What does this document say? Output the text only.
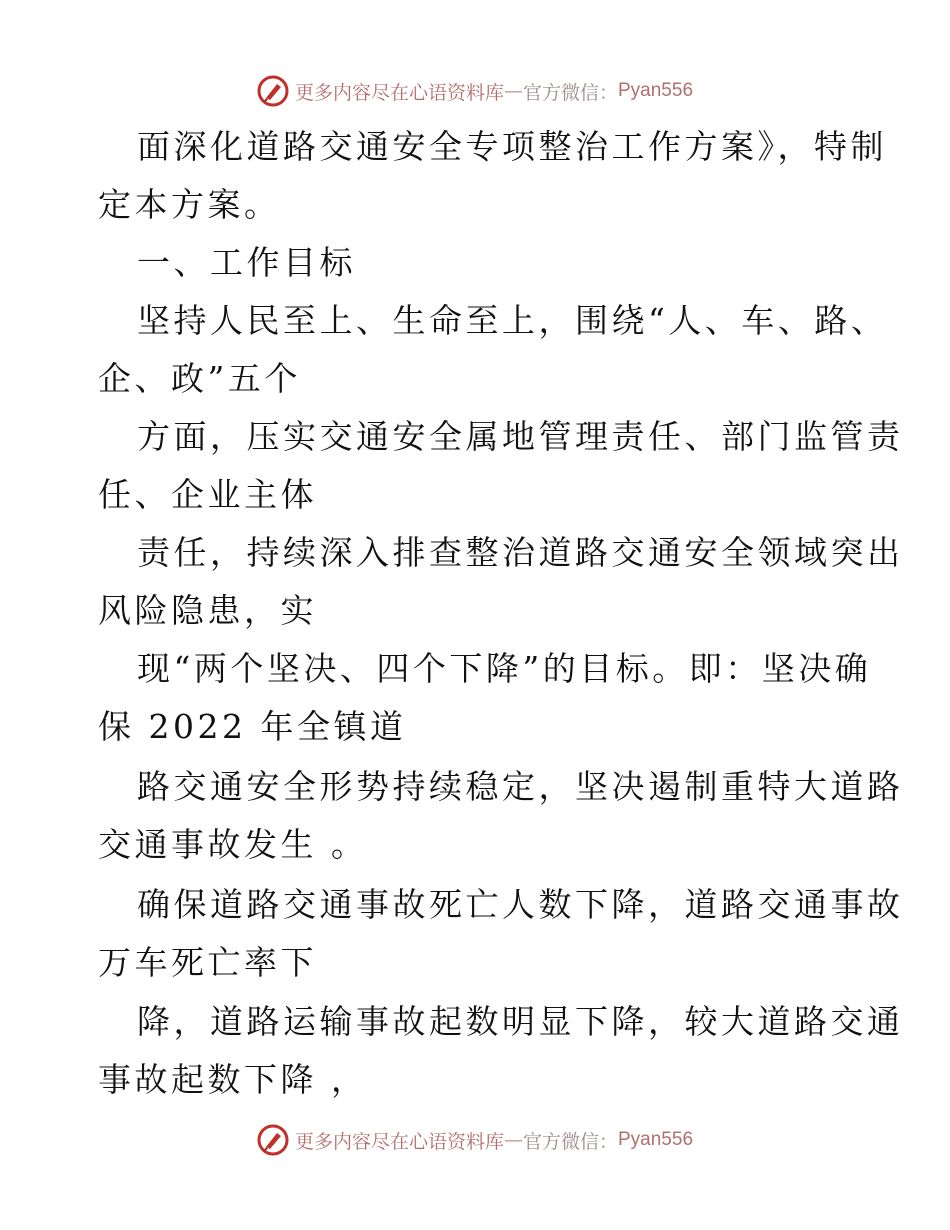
更多内容尽在心语资料库 — 官方微信： Pyan556
面深化道路交通安全专项整治工作方案》，特制
定本方案。
一、工作目标
坚持人民至上、生命至上，围绕“人、车、路、
企、政”五个
方面，压实交通安全属地管理责任、部门监管责
任、企业主体
责任，持续深入排查整治道路交通安全领域突出
风险隐患，实
现“两个坚决、四个下降”的目标。即：坚决确
保 2022 年全镇道
路交通安全形势持续稳定，坚决遏制重特大道路
交通事故发生 。
确保道路交通事故死亡人数下降，道路交通事故
万车死亡率下
降，道路运输事故起数明显下降，较大道路交通
事故起数下降 ，
更多内容尽在心语资料库 — 官方微信： Pyan556
